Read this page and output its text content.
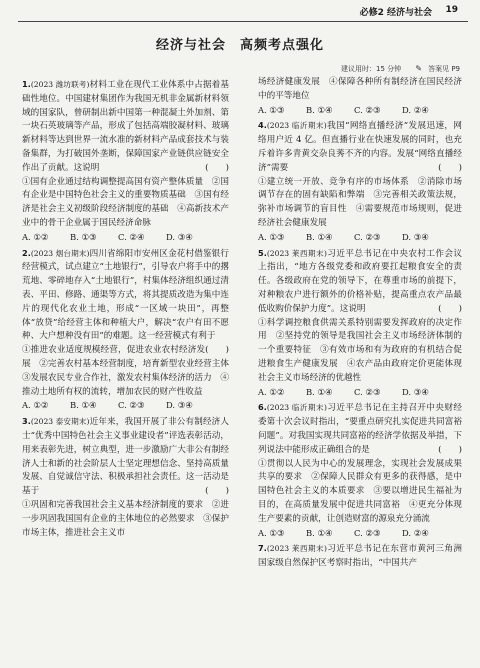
必修2 经济与社会 19
经济与社会　高频考点强化
建议用时：15 分钟 ✎ 答案见 P9
1.(2023 潍坊联考)材料工业在现代工业体系中占据着基础性地位。中国建材集团作为我国无机非金属新材料领域的国家队，曾研制出新中国第一种混凝土外加剂、第一块石英玻璃等产品，形成了包括高端胶凝材料、玻璃新材料等达到世界一流水准的新材料产品成套技术与装备集群，为打破国外垄断，保障国家产业链供应链安全作出了贡献。这说明	(　　)
①国有企业通过结构调整提高国有资产整体质量　②国有企业是中国特色社会主义的重要物质基础　③国有经济是社会主义初级阶段经济制度的基础　④高新技术产业中的骨干企业属于国民经济命脉
A. ①②	B. ①③	C. ②④	D. ③④
2.(2023 烟台期末)四川省绵阳市安州区金花村借鉴银行经营模式，试点建立“土地银行”，引导农户将手中的撂荒地、零碎地存入“土地银行”，村集体经济组织通过清表、平田、修路、通渠等方式，将其提质改造为集中连片的现代化农业土地，形成“一区域一块田”，再整体“放贷”给经营主体和种植大户，解决“农户有田不愿种、大户想种没有田”的难题。这一经营模式有利于
(　　)
①推进农业适度规模经营，促进农业农村经济发展　②完善农村基本经营制度，培育新型农业经营主体　③发展农民专业合作社，激发农村集体经济的活力　④推动土地所有权的流转，增加农民的财产性收益
A. ①②	B. ①④	C. ②③	D. ③④
3.(2023 泰安期末)近年来，我国开展了非公有制经济人士“优秀中国特色社会主义事业建设者”评选表彰活动，用来表彰先进，树立典型，进一步激励广大非公有制经济人士和新的社会阶层人士坚定理想信念、坚持高质量发展、自觉诚信守法、积极承担社会责任。这一活动是基于	(　　)
①巩固和完善我国社会主义基本经济制度的要求　②进一步巩固我国国有企业的主体地位的必然要求　③保护市场主体，推进社会主义市
场经济健康发展　④保障各种所有制经济在国民经济中的平等地位
A. ①③	B. ①④	C. ②③	D. ②④
4.(2023 临沂期末)我国“网络直播经济”发展迅速，网络用户近 4 亿。但直播行业在快速发展的同时，也充斥着许多青黄交杂良莠不齐的内容。发展“网络直播经济”需要	(　　)
①建立统一开放、竞争有序的市场体系　②消除市场调节存在的固有缺陷和弊端　③完善相关政策法规，弥补市场调节的盲目性　④需要规范市场规则，促进经济社会健康发展
A. ①③	B. ①④	C. ②③	D. ③④
5.(2023 莱西期末)习近平总书记在中央农村工作会议上指出，“地方各级党委和政府要扛起粮食安全的责任。各级政府在党的领导下，在尊重市场的前提下，对种粮农户进行额外的价格补贴，提高重点农产品最低收购价保护力度”。这说明	(　　)
①科学调控粮食供需关系特别需要发挥政府的决定作用　②坚持党的领导是我国社会主义市场经济体制的一个重要特征　③有效市场和有为政府的有机结合促进粮食生产健康发展　④农产品由政府定价更能体现社会主义市场经济的优越性
A. ①②	B. ①④	C. ②③	D. ③④
6.(2023 临沂期末)习近平总书记在主持召开中央财经委第十次会议时指出，“要重点研究扎实促进共同富裕问题”。对我国实现共同富裕的经济学依据及举措，下列说法中能形成正确组合的是	(　　)
①贯彻以人民为中心的发展理念，实现社会发展成果共享的要求　②保障人民群众有更多的获得感，是中国特色社会主义的本质要求　③要以增进民生福祉为目的，在高质量发展中促进共同富裕　④更充分体现生产要素的贡献，让创造财富的源泉充分涌流
A. ①③	B. ①④	C. ②③	D. ②④
7.(2023 莱西期末)习近平总书记在东营市黄河三角洲国家级自然保护区考察时指出，“中国共产
